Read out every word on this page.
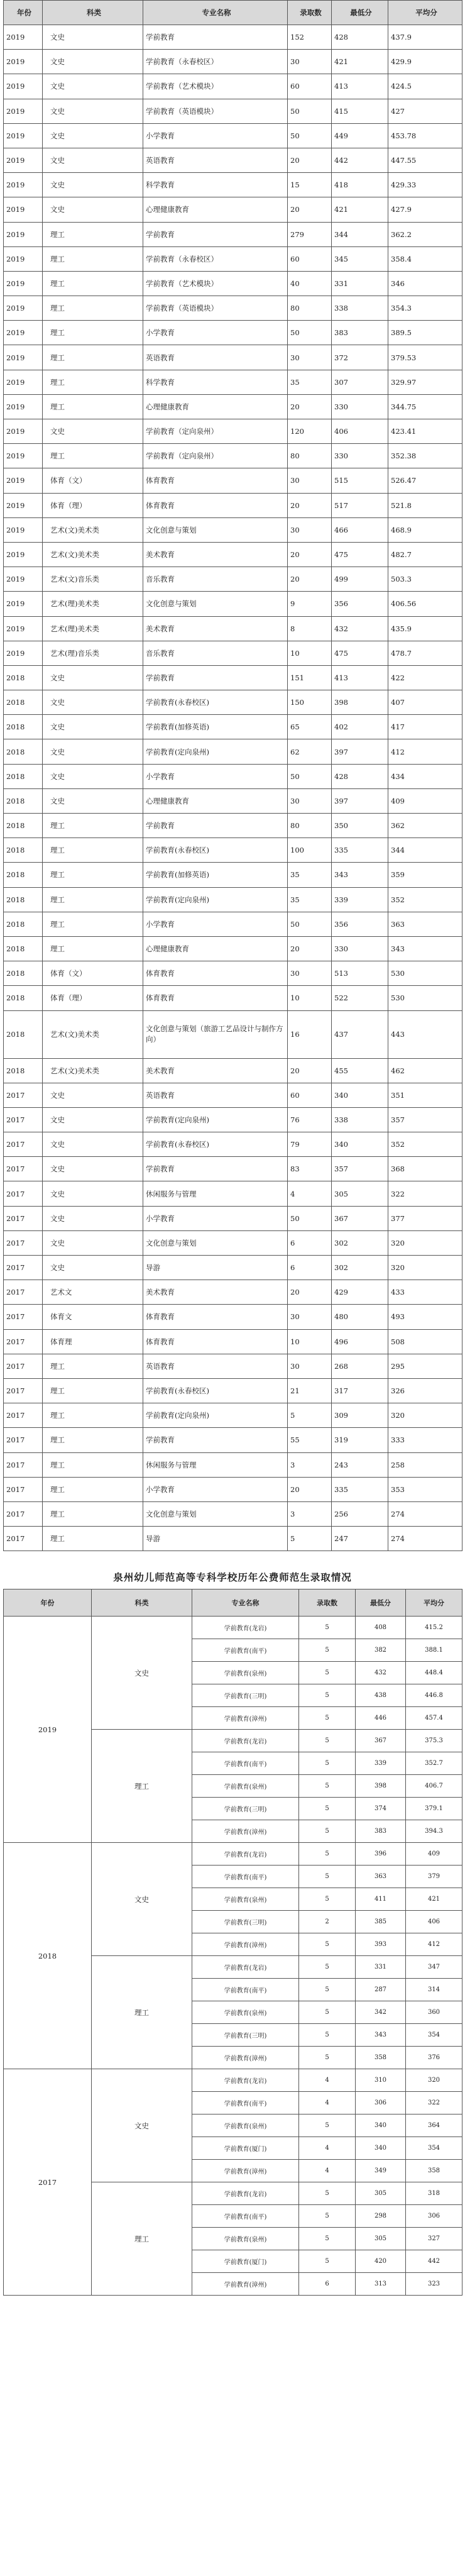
年份	科类	专业名称	录取数	最低分	平均分
2019	文史	学前教育	152	428	437.9
2019	文史	学前教育（永春校区）	30	421	429.9
2019	文史	学前教育（艺术模块）	60	413	424.5
2019	文史	学前教育（英语模块）	50	415	427
2019	文史	小学教育	50	449	453.78
2019	文史	英语教育	20	442	447.55
2019	文史	科学教育	15	418	429.33
2019	文史	心理健康教育	20	421	427.9
2019	理工	学前教育	279	344	362.2
2019	理工	学前教育（永春校区）	60	345	358.4
2019	理工	学前教育（艺术模块）	40	331	346
2019	理工	学前教育（英语模块）	80	338	354.3
2019	理工	小学教育	50	383	389.5
2019	理工	英语教育	30	372	379.53
2019	理工	科学教育	35	307	329.97
2019	理工	心理健康教育	20	330	344.75
2019	文史	学前教育（定向泉州）	120	406	423.41
2019	理工	学前教育（定向泉州）	80	330	352.38
2019	体育（文）	体育教育	30	515	526.47
2019	体育（理）	体育教育	20	517	521.8
2019	艺术(文)美术类	文化创意与策划	30	466	468.9
2019	艺术(文)美术类	美术教育	20	475	482.7
2019	艺术(文)音乐类	音乐教育	20	499	503.3
2019	艺术(理)美术类	文化创意与策划	9	356	406.56
2019	艺术(理)美术类	美术教育	8	432	435.9
2019	艺术(理)音乐类	音乐教育	10	475	478.7
2018	文史	学前教育	151	413	422
2018	文史	学前教育(永春校区)	150	398	407
2018	文史	学前教育(加修英语)	65	402	417
2018	文史	学前教育(定向泉州)	62	397	412
2018	文史	小学教育	50	428	434
2018	文史	心理健康教育	30	397	409
2018	理工	学前教育	80	350	362
2018	理工	学前教育(永春校区)	100	335	344
2018	理工	学前教育(加修英语)	35	343	359
2018	理工	学前教育(定向泉州)	35	339	352
2018	理工	小学教育	50	356	363
2018	理工	心理健康教育	20	330	343
2018	体育（文）	体育教育	30	513	530
2018	体育（理）	体育教育	10	522	530
2018	艺术(文)美术类	文化创意与策划（旅游工艺品设计与制作方向）	16	437	443
2018	艺术(文)美术类	美术教育	20	455	462
2017	文史	英语教育	60	340	351
2017	文史	学前教育(定向泉州)	76	338	357
2017	文史	学前教育(永春校区)	79	340	352
2017	文史	学前教育	83	357	368
2017	文史	休闲服务与管理	4	305	322
2017	文史	小学教育	50	367	377
2017	文史	文化创意与策划	6	302	320
2017	文史	导游	6	302	320
2017	艺术文	美术教育	20	429	433
2017	体育文	体育教育	30	480	493
2017	体育理	体育教育	10	496	508
2017	理工	英语教育	30	268	295
2017	理工	学前教育(永春校区)	21	317	326
2017	理工	学前教育(定向泉州)	5	309	320
2017	理工	学前教育	55	319	333
2017	理工	休闲服务与管理	3	243	258
2017	理工	小学教育	20	335	353
2017	理工	文化创意与策划	3	256	274
2017	理工	导游	5	247	274
泉州幼儿师范高等专科学校历年公费师范生录取情况
年份	科类	专业名称	录取数	最低分	平均分
2019	文史	学前教育(龙岩)	5	408	415.2
		学前教育(南平)	5	382	388.1
		学前教育(泉州)	5	432	448.4
		学前教育(三明)	5	438	446.8
		学前教育(漳州)	5	446	457.4
	理工	学前教育(龙岩)	5	367	375.3
		学前教育(南平)	5	339	352.7
		学前教育(泉州)	5	398	406.7
		学前教育(三明)	5	374	379.1
		学前教育(漳州)	5	383	394.3
2018	文史	学前教育(龙岩)	5	396	409
		学前教育(南平)	5	363	379
		学前教育(泉州)	5	411	421
		学前教育(三明)	2	385	406
		学前教育(漳州)	5	393	412
	理工	学前教育(龙岩)	5	331	347
		学前教育(南平)	5	287	314
		学前教育(泉州)	5	342	360
		学前教育(三明)	5	343	354
		学前教育(漳州)	5	358	376
2017	文史	学前教育(龙岩)	4	310	320
		学前教育(南平)	4	306	322
		学前教育(泉州)	5	340	364
		学前教育(厦门)	4	340	354
		学前教育(漳州)	4	349	358
	理工	学前教育(龙岩)	5	305	318
		学前教育(南平)	5	298	306
		学前教育(泉州)	5	305	327
		学前教育(厦门)	5	420	442
		学前教育(漳州)	6	313	323
